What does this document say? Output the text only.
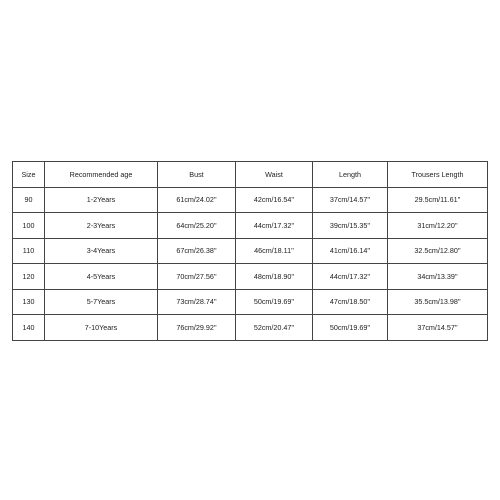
Size	Recommended age	Bust	Waist	Length	Trousers Length
90	1-2Years	61cm/24.02''	42cm/16.54''	37cm/14.57''	29.5cm/11.61''
100	2-3Years	64cm/25.20''	44cm/17.32''	39cm/15.35''	31cm/12.20''
110	3-4Years	67cm/26.38''	46cm/18.11''	41cm/16.14''	32.5cm/12.80''
120	4-5Years	70cm/27.56''	48cm/18.90''	44cm/17.32''	34cm/13.39''
130	5-7Years	73cm/28.74''	50cm/19.69''	47cm/18.50''	35.5cm/13.98''
140	7-10Years	76cm/29.92''	52cm/20.47''	50cm/19.69''	37cm/14.57''
